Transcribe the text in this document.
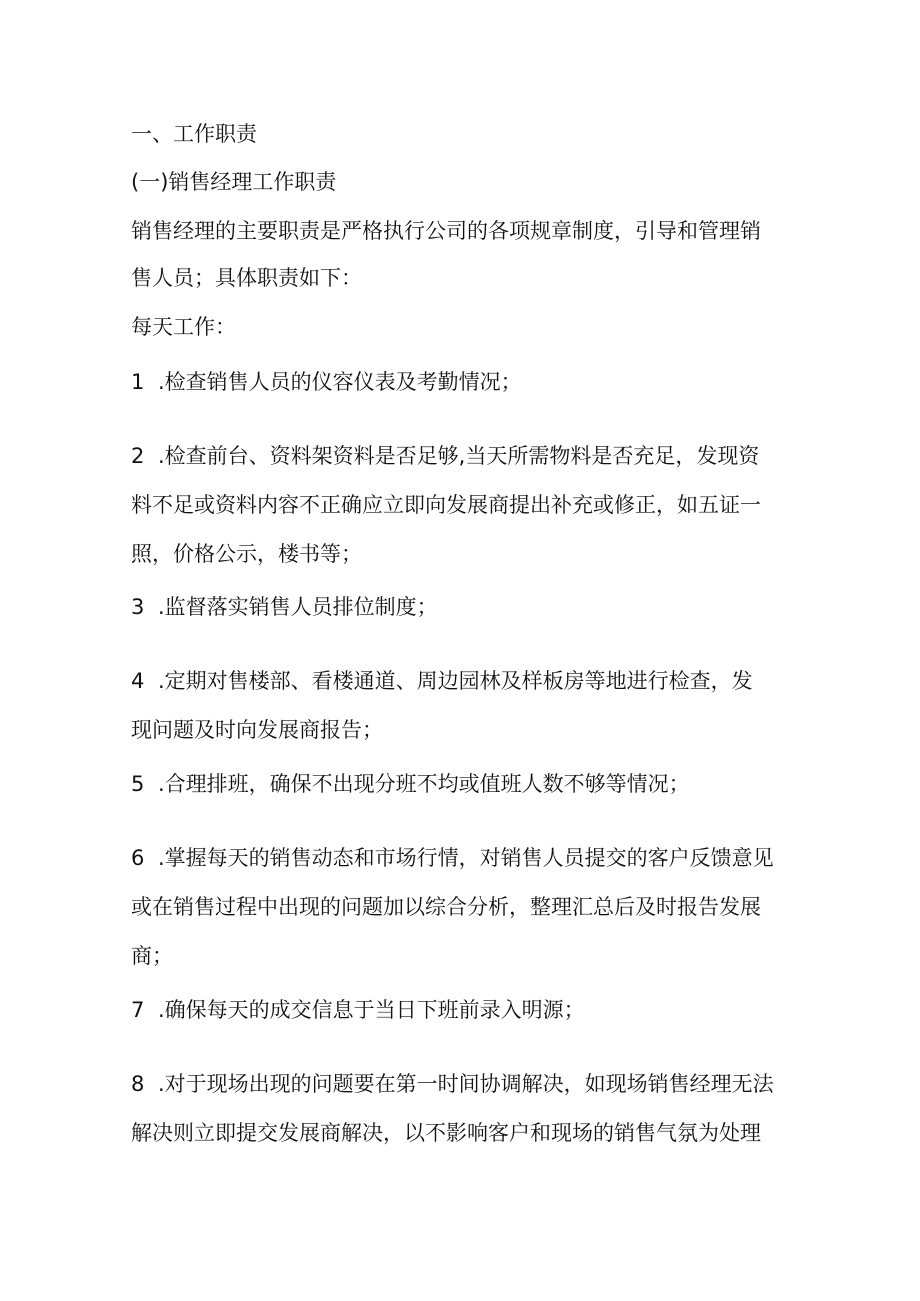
一、工作职责

(一)销售经理工作职责

销售经理的主要职责是严格执行公司的各项规章制度，引导和管理销

售人员；具体职责如下：

每天工作：

1 .检查销售人员的仪容仪表及考勤情况；

2 .检查前台、资料架资料是否足够,当天所需物料是否充足，发现资

料不足或资料内容不正确应立即向发展商提出补充或修正，如五证一

照，价格公示，楼书等；

3 .监督落实销售人员排位制度；

4 .定期对售楼部、看楼通道、周边园林及样板房等地进行检查，发

现问题及时向发展商报告；

5 .合理排班，确保不出现分班不均或值班人数不够等情况；

6 .掌握每天的销售动态和市场行情，对销售人员提交的客户反馈意见

或在销售过程中出现的问题加以综合分析，整理汇总后及时报告发展

商；

7 .确保每天的成交信息于当日下班前录入明源；

8 .对于现场出现的问题要在第一时间协调解决，如现场销售经理无法

解决则立即提交发展商解决，以不影响客户和现场的销售气氛为处理
